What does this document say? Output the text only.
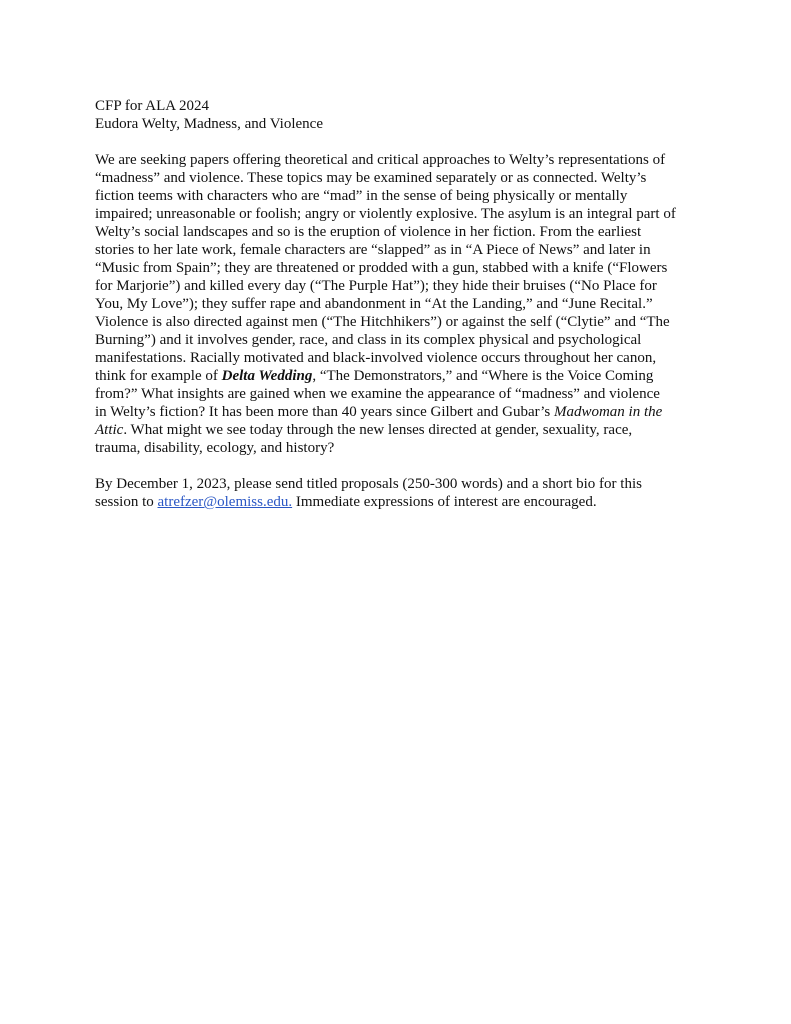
CFP for ALA 2024
Eudora Welty, Madness, and Violence

We are seeking papers offering theoretical and critical approaches to Welty’s representations of
“madness” and violence. These topics may be examined separately or as connected. Welty’s
fiction teems with characters who are “mad” in the sense of being physically or mentally
impaired; unreasonable or foolish; angry or violently explosive. The asylum is an integral part of
Welty’s social landscapes and so is the eruption of violence in her fiction. From the earliest
stories to her late work, female characters are “slapped” as in “A Piece of News” and later in
“Music from Spain”; they are threatened or prodded with a gun, stabbed with a knife (“Flowers
for Marjorie”) and killed every day (“The Purple Hat”); they hide their bruises (“No Place for
You, My Love”); they suffer rape and abandonment in “At the Landing,” and “June Recital.”
Violence is also directed against men (“The Hitchhikers”) or against the self (“Clytie” and “The
Burning”) and it involves gender, race, and class in its complex physical and psychological
manifestations. Racially motivated and black-involved violence occurs throughout her canon,
think for example of Delta Wedding, “The Demonstrators,” and “Where is the Voice Coming
from?” What insights are gained when we examine the appearance of “madness” and violence
in Welty’s fiction? It has been more than 40 years since Gilbert and Gubar’s Madwoman in the
Attic. What might we see today through the new lenses directed at gender, sexuality, race,
trauma, disability, ecology, and history?

By December 1, 2023, please send titled proposals (250-300 words) and a short bio for this
session to atrefzer@olemiss.edu. Immediate expressions of interest are encouraged.
